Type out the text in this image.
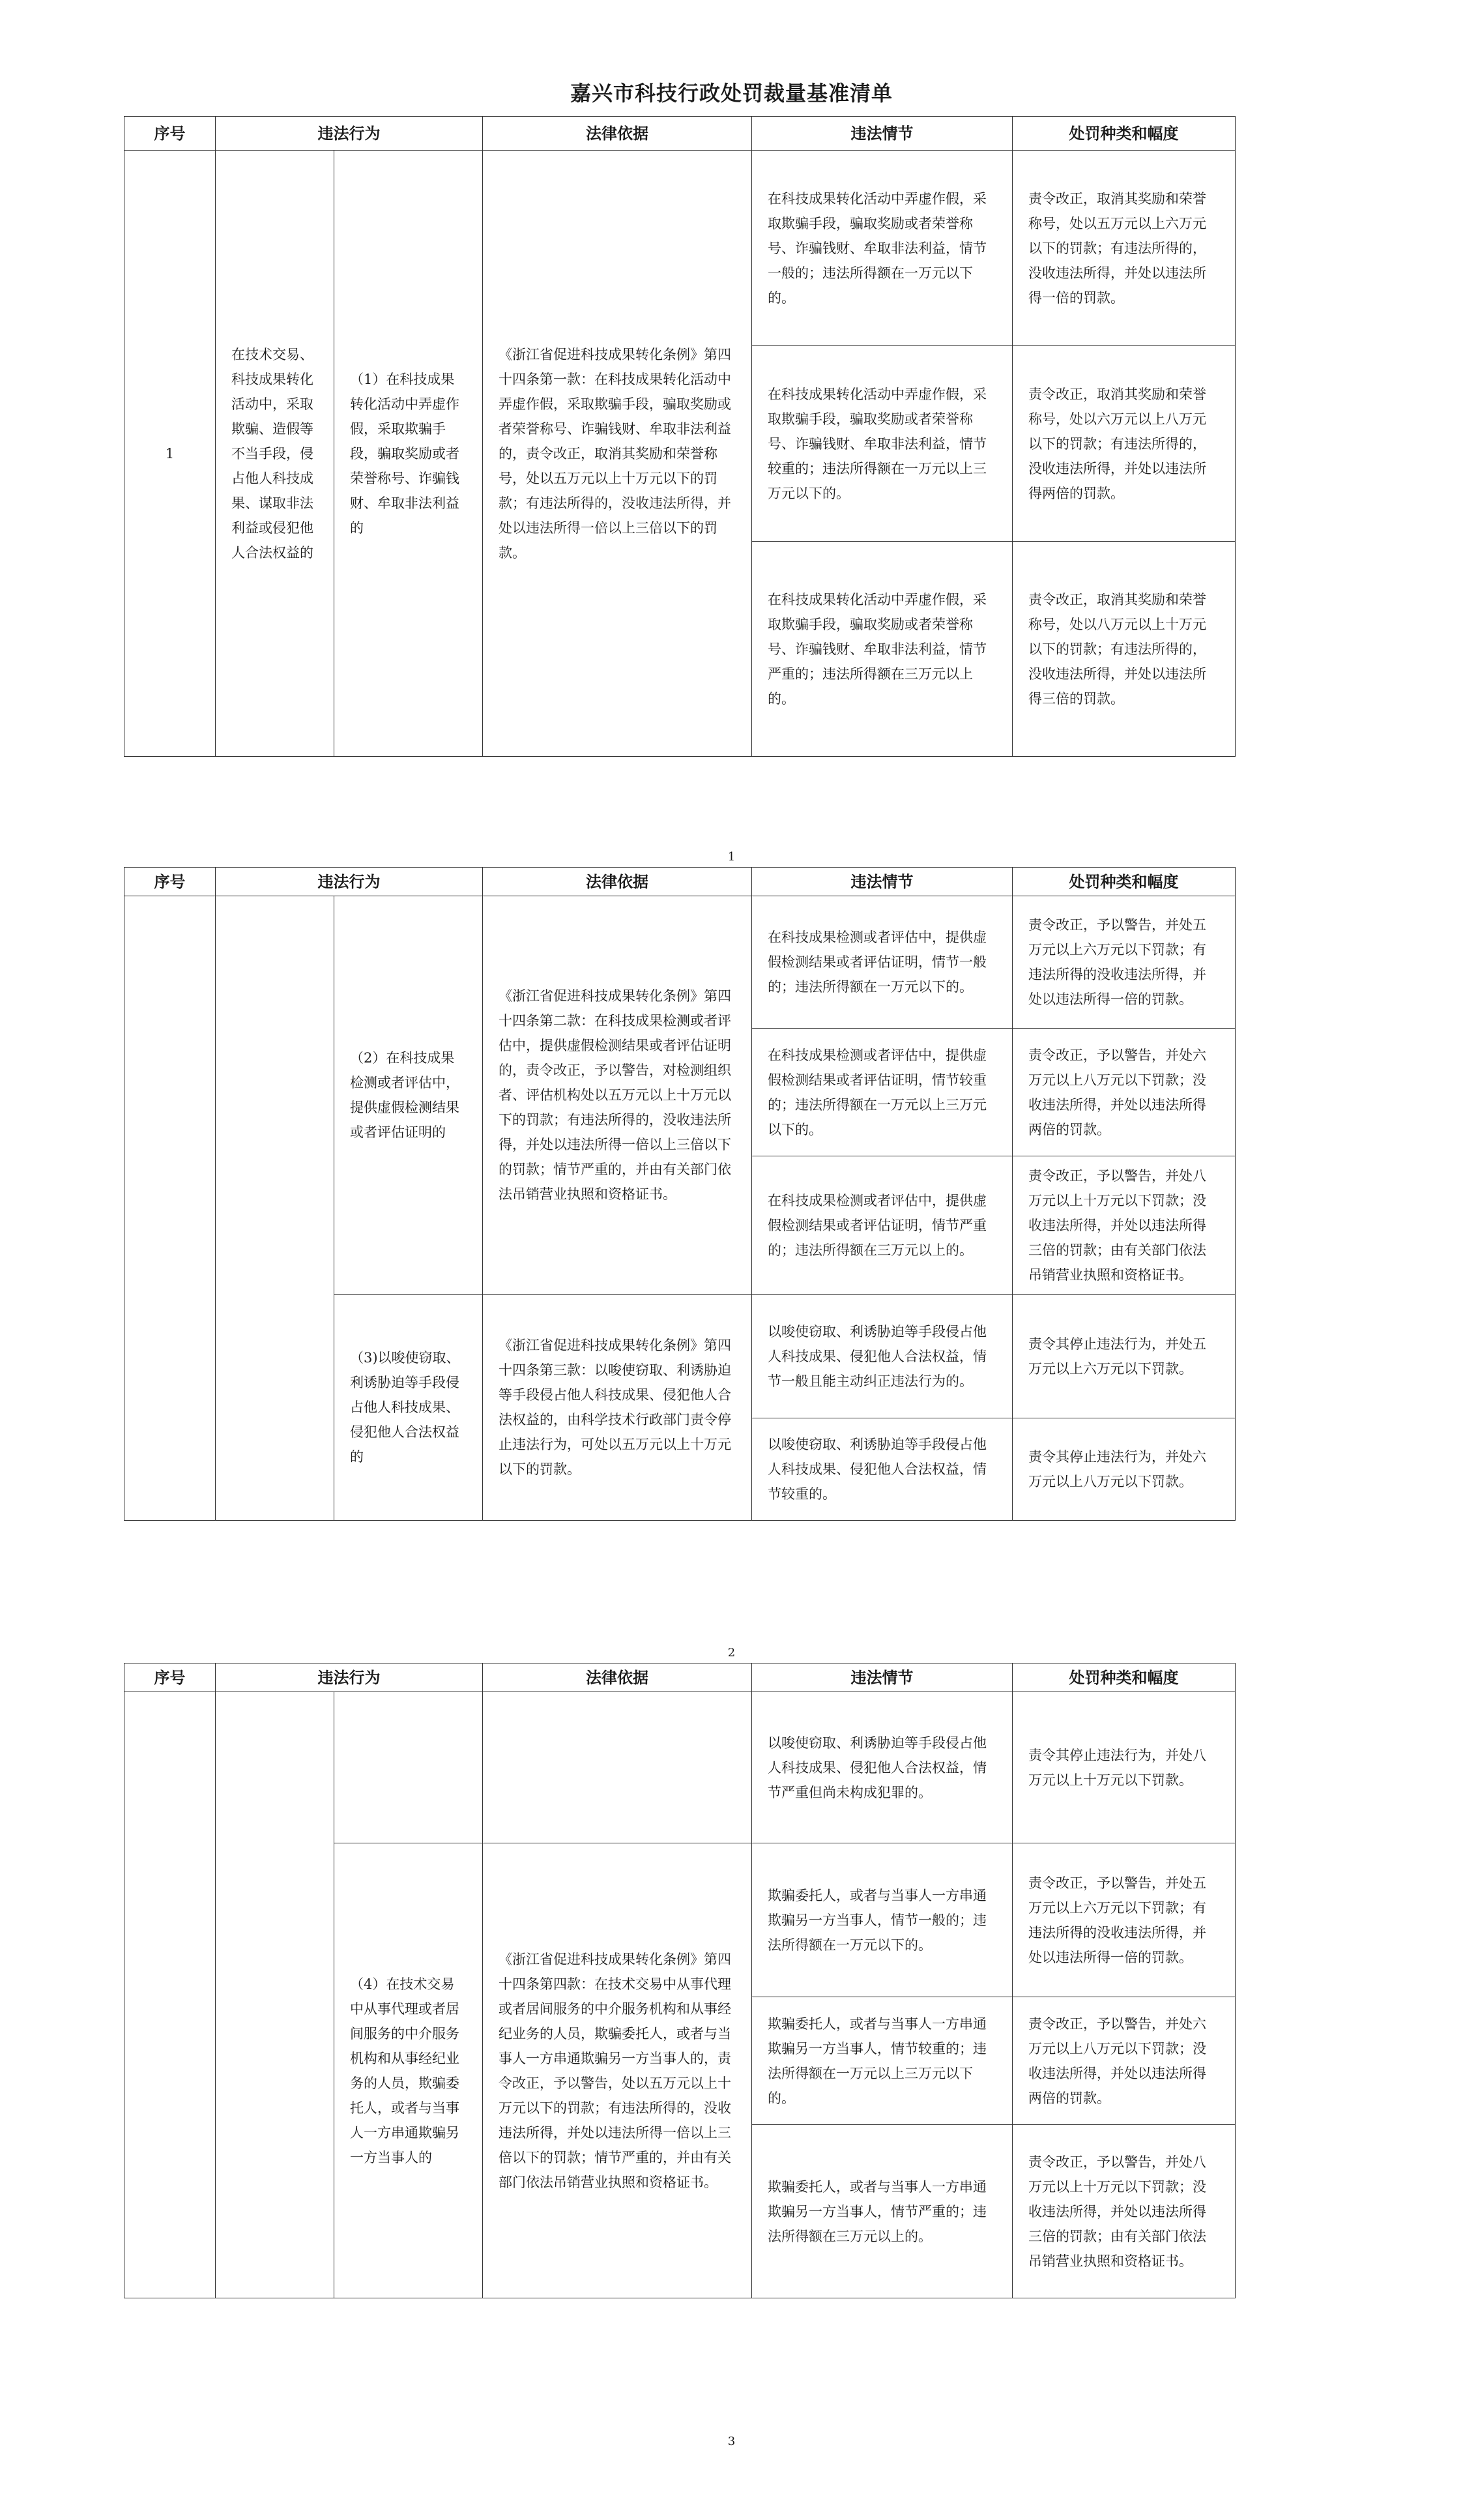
嘉兴市科技行政处罚裁量基准清单
序号	违法行为		法律依据	违法情节	处罚种类和幅度
1	在技术交易、科技成果转化活动中，采取欺骗、造假等不当手段，侵占他人科技成果、谋取非法利益或侵犯他人合法权益的	（1）在科技成果转化活动中弄虚作假，采取欺骗手段，骗取奖励或者荣誉称号、诈骗钱财、牟取非法利益的	《浙江省促进科技成果转化条例》第四十四条第一款：在科技成果转化活动中弄虚作假，采取欺骗手段，骗取奖励或者荣誉称号、诈骗钱财、牟取非法利益的，责令改正，取消其奖励和荣誉称号，处以五万元以上十万元以下的罚款；有违法所得的，没收违法所得，并处以违法所得一倍以上三倍以下的罚款。	在科技成果转化活动中弄虚作假，采取欺骗手段，骗取奖励或者荣誉称号、诈骗钱财、牟取非法利益，情节一般的；违法所得额在一万元以下的。	责令改正，取消其奖励和荣誉称号，处以五万元以上六万元以下的罚款；有违法所得的，没收违法所得，并处以违法所得一倍的罚款。
				在科技成果转化活动中弄虚作假，采取欺骗手段，骗取奖励或者荣誉称号、诈骗钱财、牟取非法利益，情节较重的；违法所得额在一万元以上三万元以下的。	责令改正，取消其奖励和荣誉称号，处以六万元以上八万元以下的罚款；有违法所得的，没收违法所得，并处以违法所得两倍的罚款。
				在科技成果转化活动中弄虚作假，采取欺骗手段，骗取奖励或者荣誉称号、诈骗钱财、牟取非法利益，情节严重的；违法所得额在三万元以上的。	责令改正，取消其奖励和荣誉称号，处以八万元以上十万元以下的罚款；有违法所得的，没收违法所得，并处以违法所得三倍的罚款。
1
序号	违法行为		法律依据	违法情节	处罚种类和幅度
		（2）在科技成果检测或者评估中，提供虚假检测结果或者评估证明的	《浙江省促进科技成果转化条例》第四十四条第二款：在科技成果检测或者评估中，提供虚假检测结果或者评估证明的，责令改正，予以警告，对检测组织者、评估机构处以五万元以上十万元以下的罚款；有违法所得的，没收违法所得，并处以违法所得一倍以上三倍以下的罚款；情节严重的，并由有关部门依法吊销营业执照和资格证书。	在科技成果检测或者评估中，提供虚假检测结果或者评估证明，情节一般的；违法所得额在一万元以下的。	责令改正，予以警告，并处五万元以上六万元以下罚款；有违法所得的没收违法所得，并处以违法所得一倍的罚款。
				在科技成果检测或者评估中，提供虚假检测结果或者评估证明，情节较重的；违法所得额在一万元以上三万元以下的。	责令改正，予以警告，并处六万元以上八万元以下罚款；没收违法所得，并处以违法所得两倍的罚款。
				在科技成果检测或者评估中，提供虚假检测结果或者评估证明，情节严重的；违法所得额在三万元以上的。	责令改正，予以警告，并处八万元以上十万元以下罚款；没收违法所得，并处以违法所得三倍的罚款；由有关部门依法吊销营业执照和资格证书。
		（3)以唆使窃取、利诱胁迫等手段侵占他人科技成果、侵犯他人合法权益的	《浙江省促进科技成果转化条例》第四十四条第三款：以唆使窃取、利诱胁迫等手段侵占他人科技成果、侵犯他人合法权益的，由科学技术行政部门责令停止违法行为，可处以五万元以上十万元以下的罚款。	以唆使窃取、利诱胁迫等手段侵占他人科技成果、侵犯他人合法权益，情节一般且能主动纠正违法行为的。	责令其停止违法行为，并处五万元以上六万元以下罚款。
				以唆使窃取、利诱胁迫等手段侵占他人科技成果、侵犯他人合法权益，情节较重的。	责令其停止违法行为，并处六万元以上八万元以下罚款。
2
序号	违法行为		法律依据	违法情节	处罚种类和幅度
				以唆使窃取、利诱胁迫等手段侵占他人科技成果、侵犯他人合法权益，情节严重但尚未构成犯罪的。	责令其停止违法行为，并处八万元以上十万元以下罚款。
		（4）在技术交易中从事代理或者居间服务的中介服务机构和从事经纪业务的人员，欺骗委托人，或者与当事人一方串通欺骗另一方当事人的	《浙江省促进科技成果转化条例》第四十四条第四款：在技术交易中从事代理或者居间服务的中介服务机构和从事经纪业务的人员，欺骗委托人，或者与当事人一方串通欺骗另一方当事人的，责令改正，予以警告，处以五万元以上十万元以下的罚款；有违法所得的，没收违法所得，并处以违法所得一倍以上三倍以下的罚款；情节严重的，并由有关部门依法吊销营业执照和资格证书。	欺骗委托人，或者与当事人一方串通欺骗另一方当事人，情节一般的；违法所得额在一万元以下的。	责令改正，予以警告，并处五万元以上六万元以下罚款；有违法所得的没收违法所得，并处以违法所得一倍的罚款。
				欺骗委托人，或者与当事人一方串通欺骗另一方当事人，情节较重的；违法所得额在一万元以上三万元以下的。	责令改正，予以警告，并处六万元以上八万元以下罚款；没收违法所得，并处以违法所得两倍的罚款。
				欺骗委托人，或者与当事人一方串通欺骗另一方当事人，情节严重的；违法所得额在三万元以上的。	责令改正，予以警告，并处八万元以上十万元以下罚款；没收违法所得，并处以违法所得三倍的罚款；由有关部门依法吊销营业执照和资格证书。
3
